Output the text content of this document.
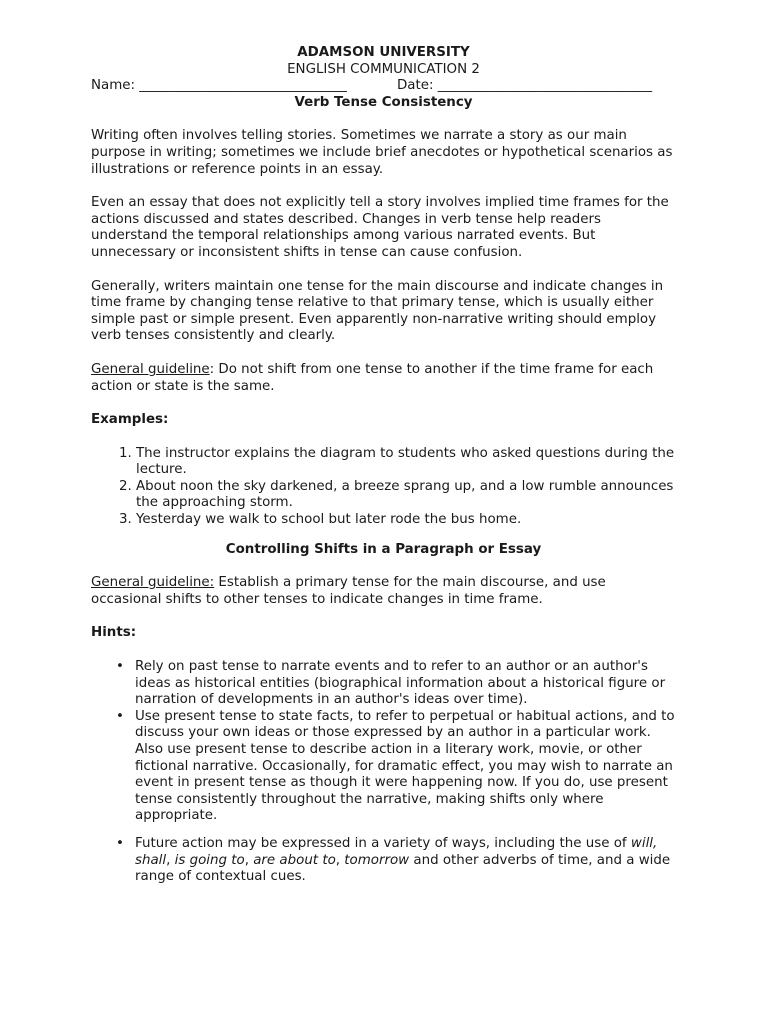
ADAMSON UNIVERSITY

ENGLISH COMMUNICATION 2

Name: _______________________________	Date: ________________________________

Verb Tense Consistency

Writing often involves telling stories. Sometimes we narrate a story as our main purpose in writing; sometimes we include brief anecdotes or hypothetical scenarios as illustrations or reference points in an essay.

Even an essay that does not explicitly tell a story involves implied time frames for the actions discussed and states described. Changes in verb tense help readers understand the temporal relationships among various narrated events. But unnecessary or inconsistent shifts in tense can cause confusion.

Generally, writers maintain one tense for the main discourse and indicate changes in time frame by changing tense relative to that primary tense, which is usually either simple past or simple present. Even apparently non-narrative writing should employ verb tenses consistently and clearly.

General guideline: Do not shift from one tense to another if the time frame for each action or state is the same.

Examples:

1. The instructor explains the diagram to students who asked questions during the lecture.
2. About noon the sky darkened, a breeze sprang up, and a low rumble announces the approaching storm.
3. Yesterday we walk to school but later rode the bus home.

Controlling Shifts in a Paragraph or Essay

General guideline: Establish a primary tense for the main discourse, and use occasional shifts to other tenses to indicate changes in time frame.

Hints:

• Rely on past tense to narrate events and to refer to an author or an author's ideas as historical entities (biographical information about a historical figure or narration of developments in an author's ideas over time).
• Use present tense to state facts, to refer to perpetual or habitual actions, and to discuss your own ideas or those expressed by an author in a particular work. Also use present tense to describe action in a literary work, movie, or other fictional narrative. Occasionally, for dramatic effect, you may wish to narrate an event in present tense as though it were happening now. If you do, use present tense consistently throughout the narrative, making shifts only where appropriate.
• Future action may be expressed in a variety of ways, including the use of will, shall, is going to, are about to, tomorrow and other adverbs of time, and a wide range of contextual cues.
